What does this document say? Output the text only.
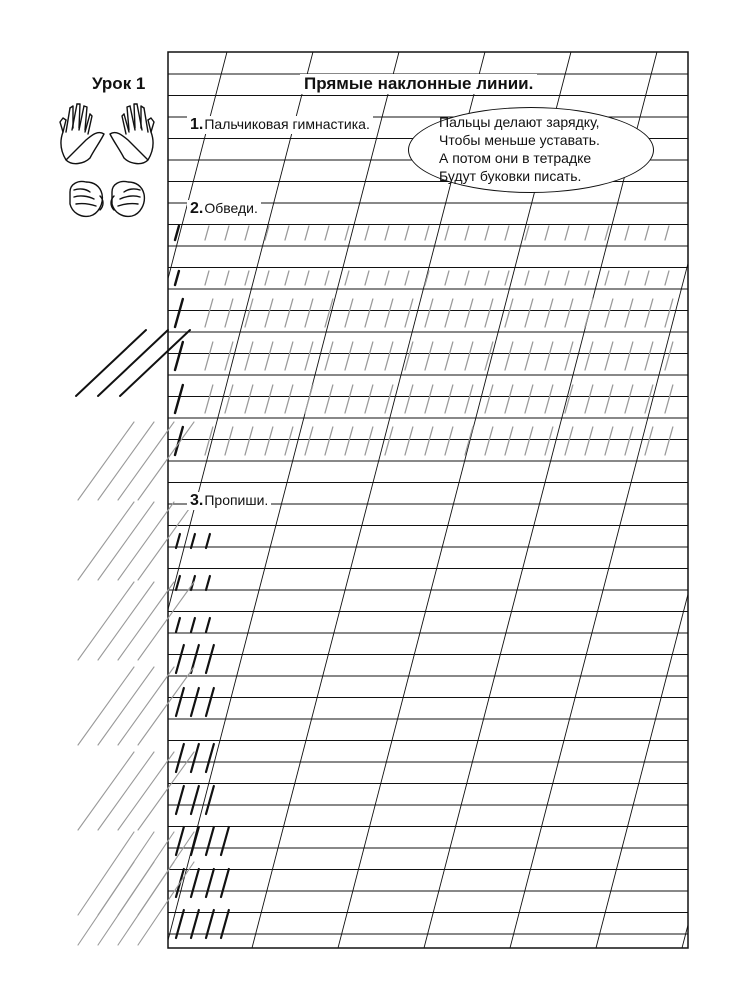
Урок 1	Прямые наклонные линии.
1.Пальчиковая гимнастика.
2.Обведи.
3.Пропиши.
Пальцы делают зарядку,
Чтобы меньше уставать.
А потом они в тетрадке
Будут буковки писать.
